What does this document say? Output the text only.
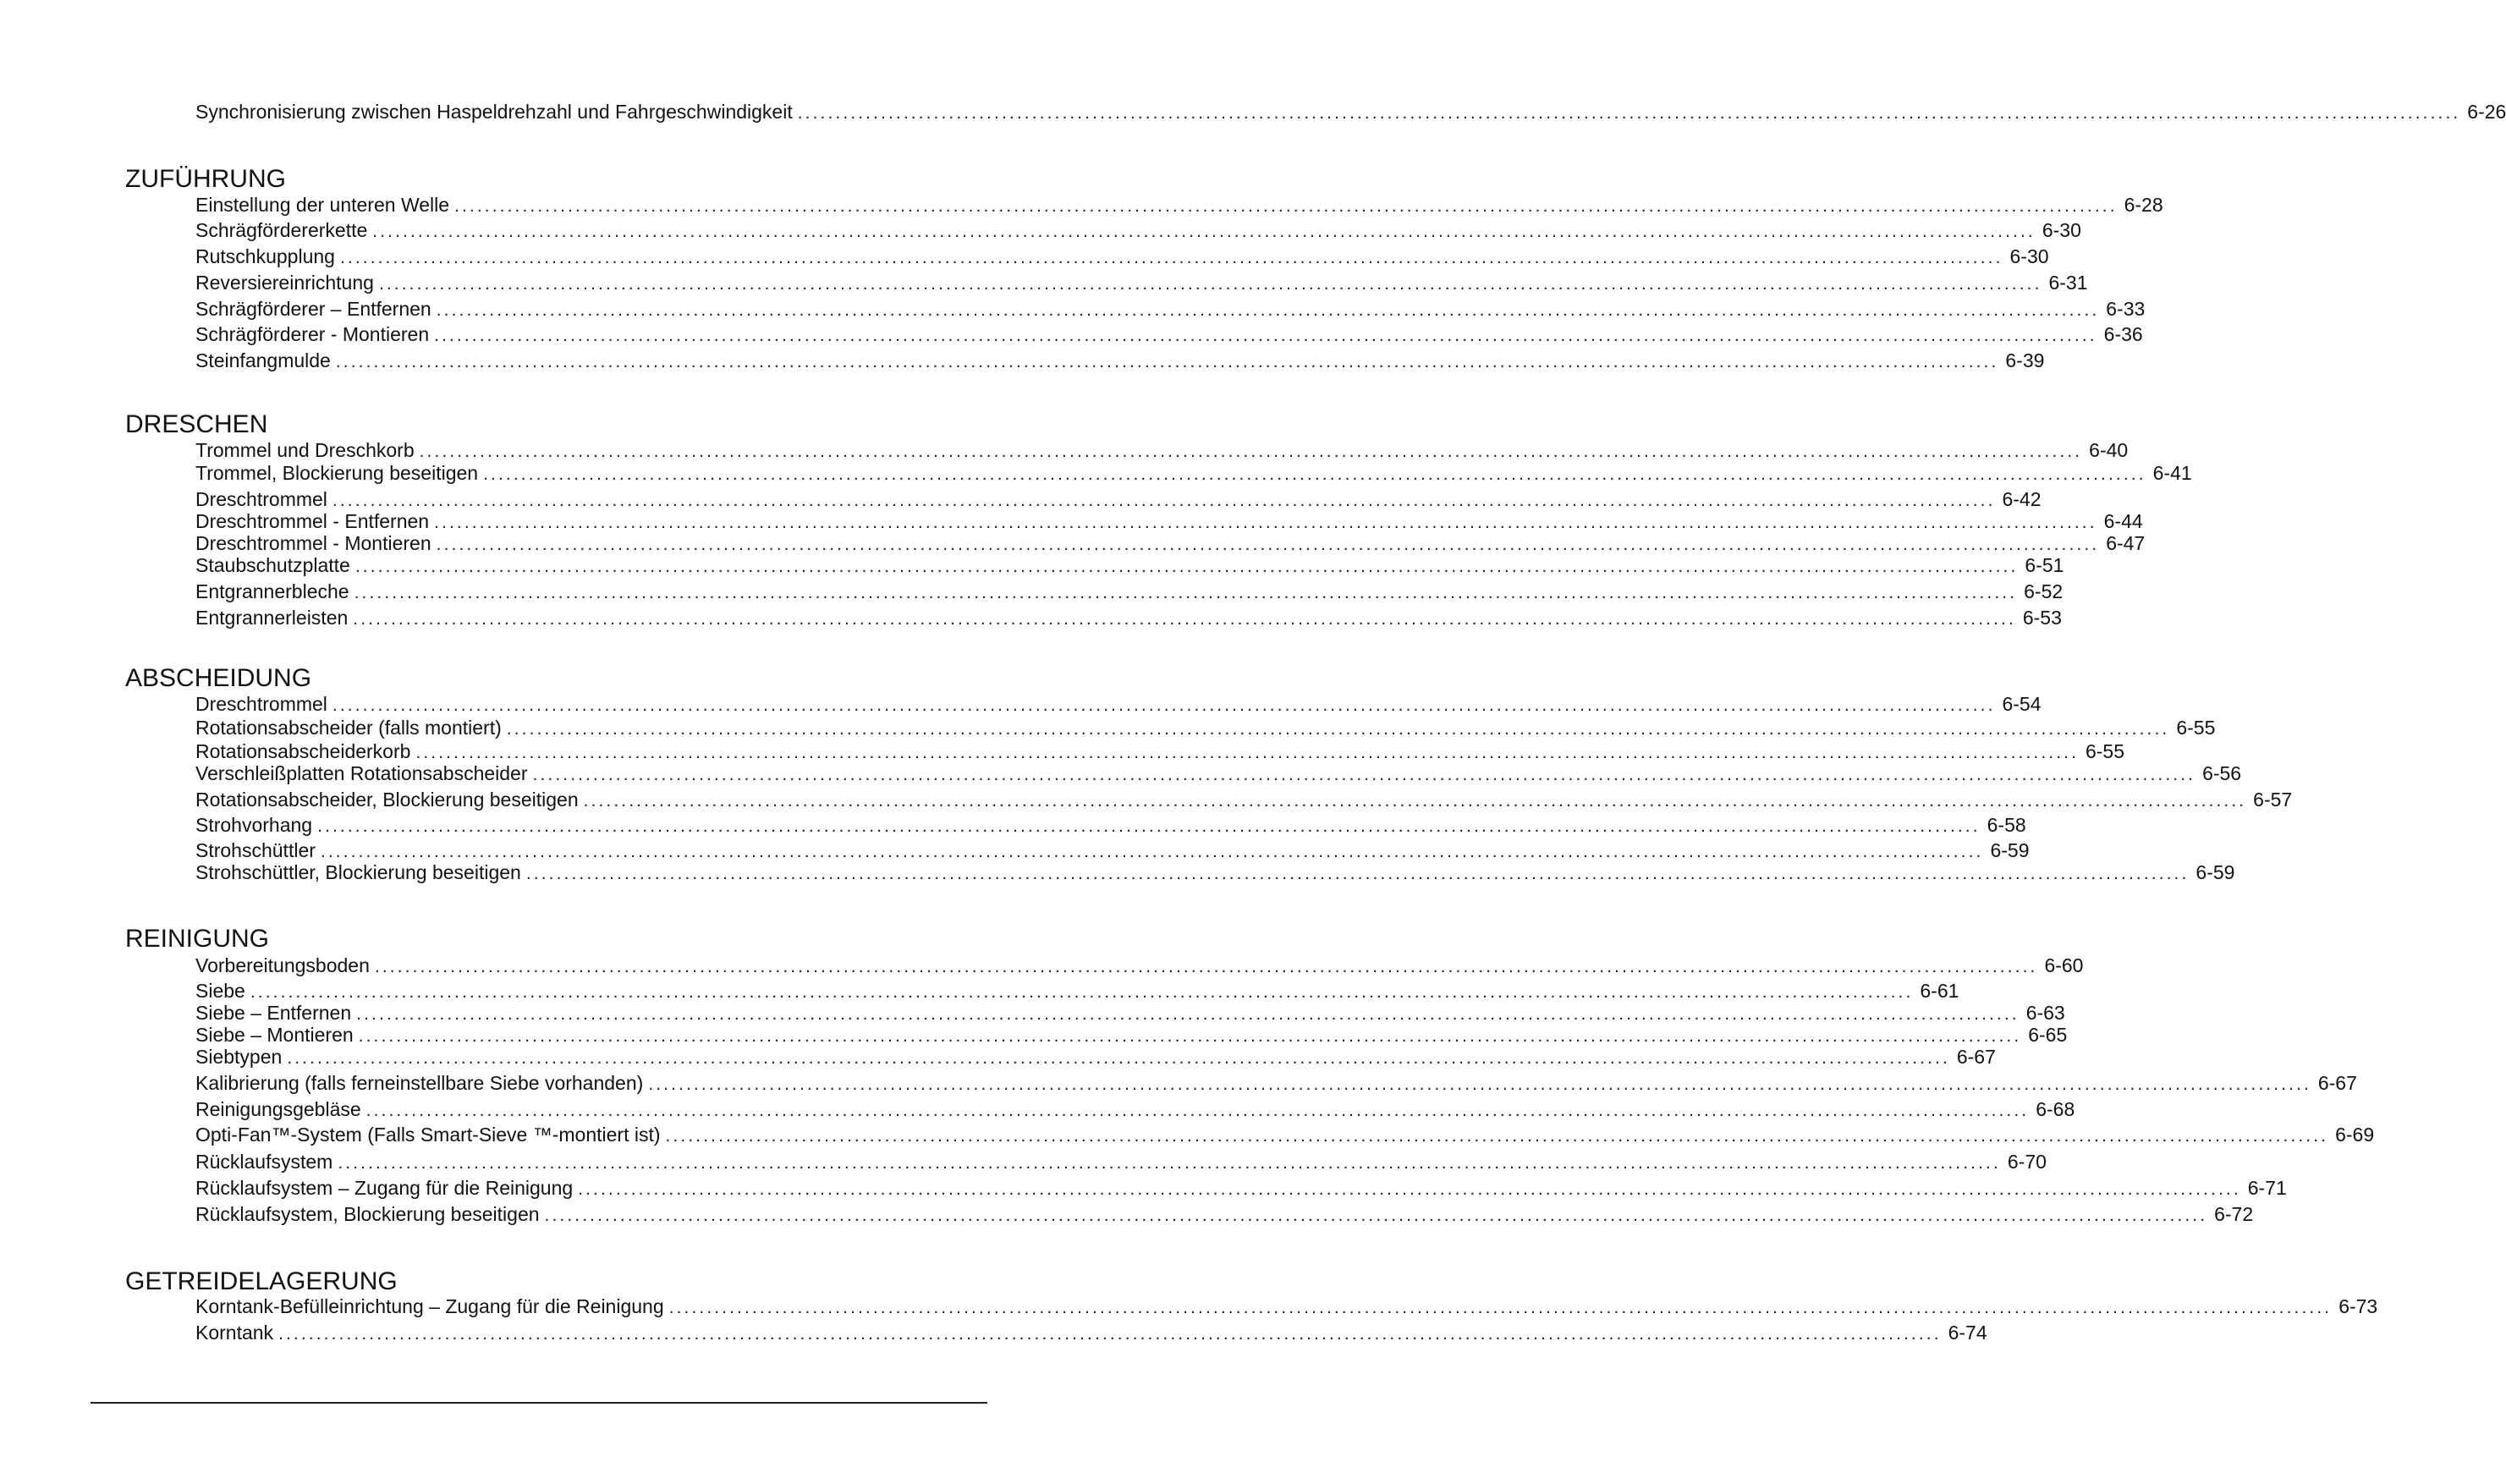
Synchronisierung zwischen Haspeldrehzahl und Fahrgeschwindigkeit ............................................................................................................................................................................................................................ 6-26
ZUFÜHRUNG
Einstellung der unteren Welle ............................................................................................................................................................................................................................ 6-28
Schrägfördererkette ............................................................................................................................................................................................................................ 6-30
Rutschkupplung ............................................................................................................................................................................................................................ 6-30
Reversiereinrichtung ............................................................................................................................................................................................................................ 6-31
Schrägförderer – Entfernen ............................................................................................................................................................................................................................ 6-33
Schrägförderer - Montieren ............................................................................................................................................................................................................................ 6-36
Steinfangmulde ............................................................................................................................................................................................................................ 6-39
DRESCHEN
Trommel und Dreschkorb ............................................................................................................................................................................................................................ 6-40
Trommel, Blockierung beseitigen ............................................................................................................................................................................................................................ 6-41
Dreschtrommel ............................................................................................................................................................................................................................ 6-42
Dreschtrommel - Entfernen ............................................................................................................................................................................................................................ 6-44
Dreschtrommel - Montieren ............................................................................................................................................................................................................................ 6-47
Staubschutzplatte ............................................................................................................................................................................................................................ 6-51
Entgrannerbleche ............................................................................................................................................................................................................................ 6-52
Entgrannerleisten ............................................................................................................................................................................................................................ 6-53
ABSCHEIDUNG
Dreschtrommel ............................................................................................................................................................................................................................ 6-54
Rotationsabscheider (falls montiert) ............................................................................................................................................................................................................................ 6-55
Rotationsabscheiderkorb ............................................................................................................................................................................................................................ 6-55
Verschleißplatten Rotationsabscheider ............................................................................................................................................................................................................................ 6-56
Rotationsabscheider, Blockierung beseitigen ............................................................................................................................................................................................................................ 6-57
Strohvorhang ............................................................................................................................................................................................................................ 6-58
Strohschüttler ............................................................................................................................................................................................................................ 6-59
Strohschüttler, Blockierung beseitigen ............................................................................................................................................................................................................................ 6-59
REINIGUNG
Vorbereitungsboden ............................................................................................................................................................................................................................ 6-60
Siebe ............................................................................................................................................................................................................................ 6-61
Siebe – Entfernen ............................................................................................................................................................................................................................ 6-63
Siebe – Montieren ............................................................................................................................................................................................................................ 6-65
Siebtypen ............................................................................................................................................................................................................................ 6-67
Kalibrierung (falls ferneinstellbare Siebe vorhanden) ............................................................................................................................................................................................................................ 6-67
Reinigungsgebläse ............................................................................................................................................................................................................................ 6-68
Opti-Fan™-System (Falls Smart-Sieve ™-montiert ist) ............................................................................................................................................................................................................................ 6-69
Rücklaufsystem ............................................................................................................................................................................................................................ 6-70
Rücklaufsystem – Zugang für die Reinigung ............................................................................................................................................................................................................................ 6-71
Rücklaufsystem, Blockierung beseitigen ............................................................................................................................................................................................................................ 6-72
GETREIDELAGERUNG
Korntank-Befülleinrichtung – Zugang für die Reinigung ............................................................................................................................................................................................................................ 6-73
Korntank ............................................................................................................................................................................................................................ 6-74
